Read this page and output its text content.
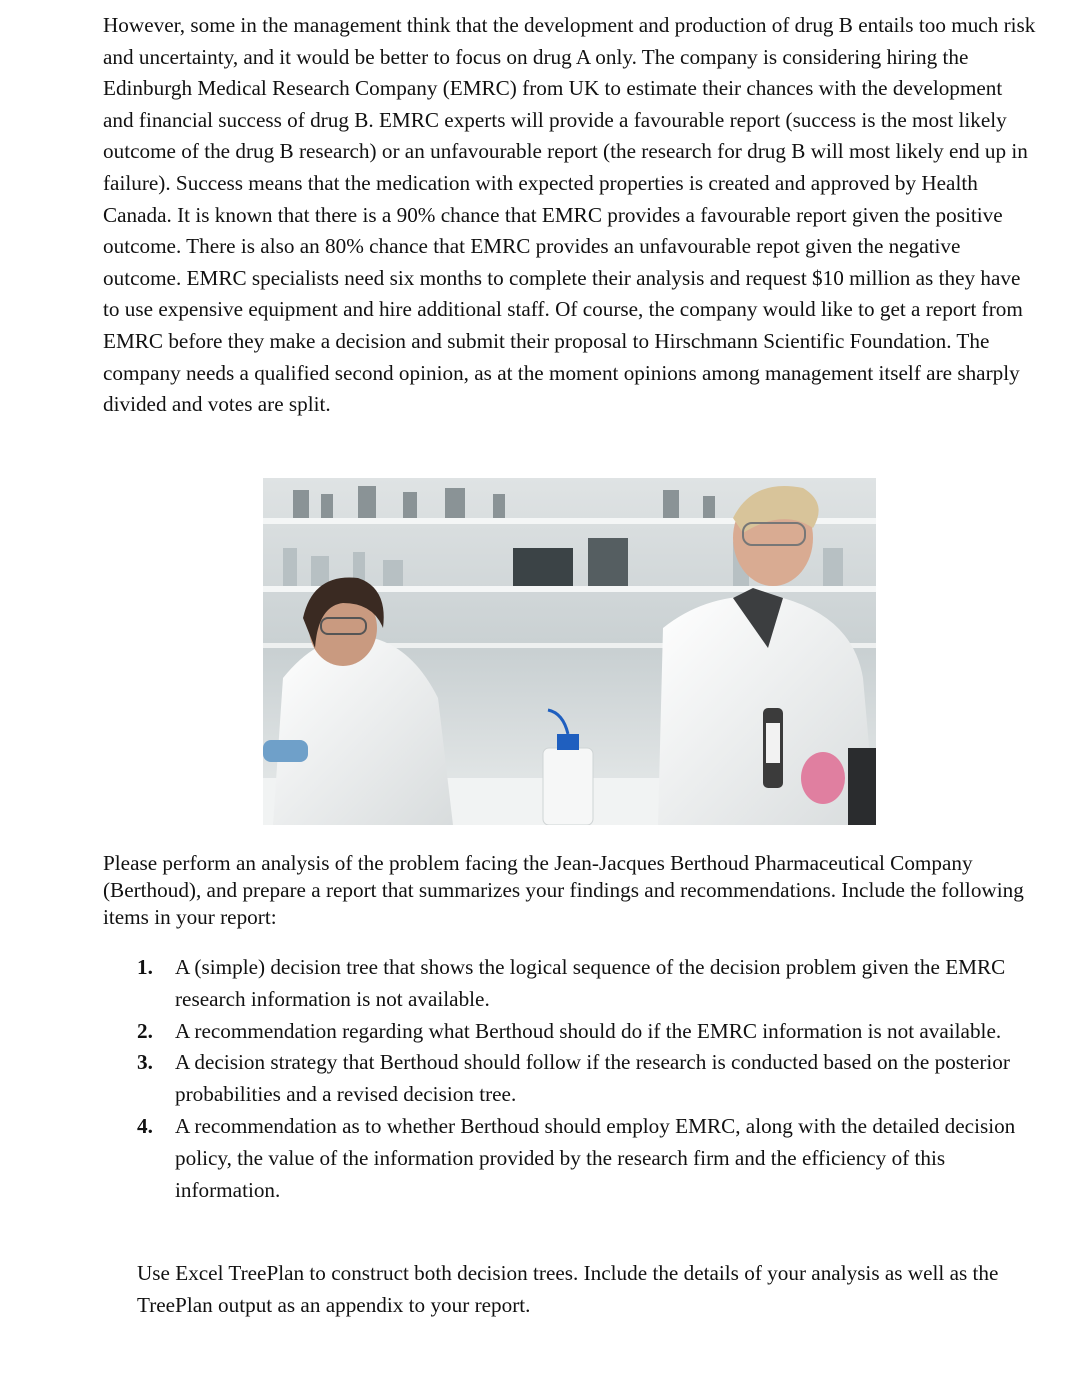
However, some in the management think that the development and production of drug B entails too much risk and uncertainty, and it would be better to focus on drug A only. The company is considering hiring the Edinburgh Medical Research Company (EMRC) from UK to estimate their chances with the development and financial success of drug B. EMRC experts will provide a favourable report (success is the most likely outcome of the drug B research) or an unfavourable report (the research for drug B will most likely end up in failure). Success means that the medication with expected properties is created and approved by Health Canada. It is known that there is a 90% chance that EMRC provides a favourable report given the positive outcome. There is also an 80% chance that EMRC provides an unfavourable repot given the negative outcome. EMRC specialists need six months to complete their analysis and request $10 million as they have to use expensive equipment and hire additional staff. Of course, the company would like to get a report from EMRC before they make a decision and submit their proposal to Hirschmann Scientific Foundation. The company needs a qualified second opinion, as at the moment opinions among management itself are sharply divided and votes are split.

Please perform an analysis of the problem facing the Jean-Jacques Berthoud Pharmaceutical Company (Berthoud), and prepare a report that summarizes your findings and recommendations. Include the following items in your report:

1. A (simple) decision tree that shows the logical sequence of the decision problem given the EMRC research information is not available.
2. A recommendation regarding what Berthoud should do if the EMRC information is not available.
3. A decision strategy that Berthoud should follow if the research is conducted based on the posterior probabilities and a revised decision tree.
4. A recommendation as to whether Berthoud should employ EMRC, along with the detailed decision policy, the value of the information provided by the research firm and the efficiency of this information.

Use Excel TreePlan to construct both decision trees. Include the details of your analysis as well as the TreePlan output as an appendix to your report.
